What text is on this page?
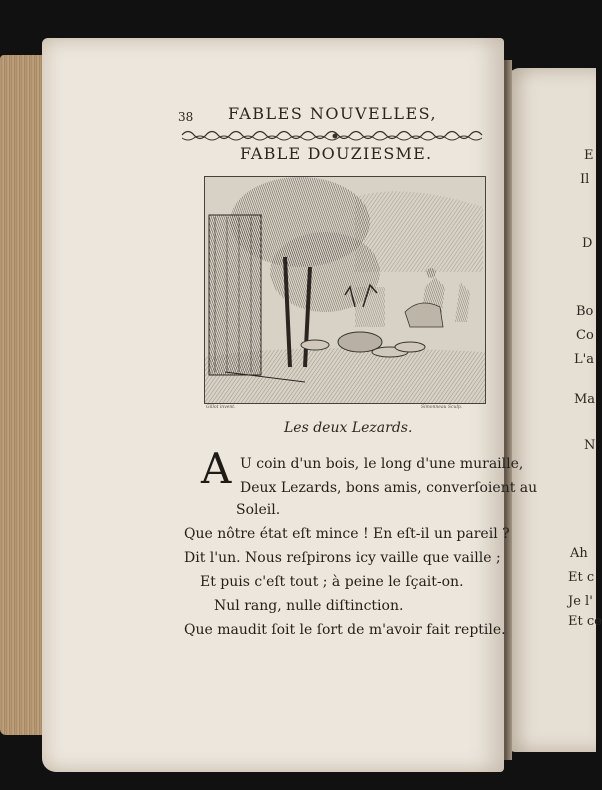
38 FABLES NOUVELLES,
FABLE DOUZIESME.
Gillot invent.	Simonneau Sculp.
Les deux Lezards.
A U coin d'un bois, le long d'une muraille,
Deux Lezards, bons amis, converſoient au
Soleil.
Que nôtre état eſt mince ! En eſt-il un pareil ?
Dit l'un. Nous reſpirons icy vaille que vaille ;
Et puis c'eſt tout ; à peine le ſçait-on.
Nul rang, nulle diſtinction.
Que maudit ſoit le ſort de m'avoir fait reptile.
E
Il
D
Bo
Co
L'a
Ma
N
Ah
Et c
Je l'
Et ce
